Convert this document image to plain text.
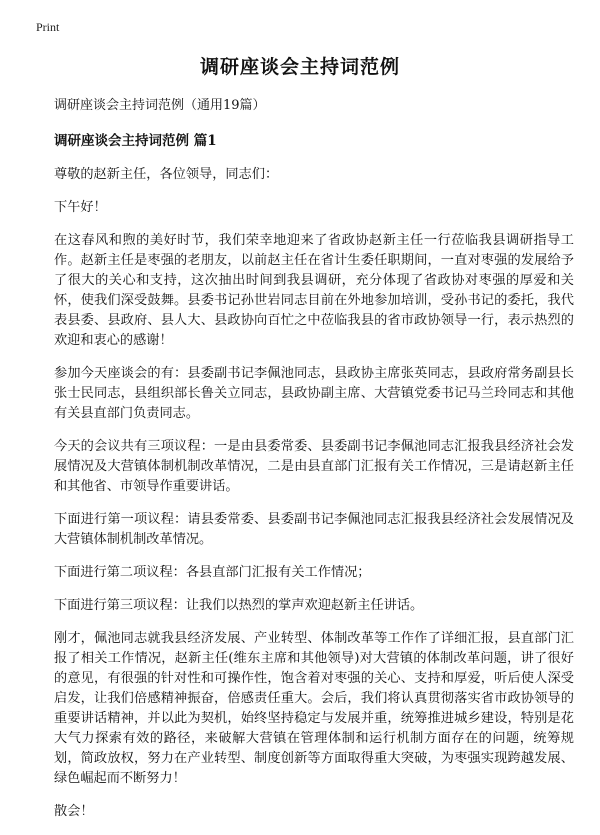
Print
调研座谈会主持词范例
调研座谈会主持词范例（通用19篇）
调研座谈会主持词范例 篇1

尊敬的赵新主任，各位领导，同志们：

下午好！

在这春风和煦的美好时节，我们荣幸地迎来了省政协赵新主任一行莅临我县调研指导工作。赵新主任是枣强的老朋友，以前赵主任在省计生委任职期间，一直对枣强的发展给予了很大的关心和支持，这次抽出时间到我县调研，充分体现了省政协对枣强的厚爱和关怀，使我们深受鼓舞。县委书记孙世岩同志目前在外地参加培训，受孙书记的委托，我代表县委、县政府、县人大、县政协向百忙之中莅临我县的省市政协领导一行，表示热烈的欢迎和衷心的感谢！

参加今天座谈会的有：县委副书记李佩池同志，县政协主席张英同志，县政府常务副县长张士民同志，县组织部长鲁关立同志，县政协副主席、大营镇党委书记马兰玲同志和其他有关县直部门负责同志。

今天的会议共有三项议程：一是由县委常委、县委副书记李佩池同志汇报我县经济社会发展情况及大营镇体制机制改革情况，二是由县直部门汇报有关工作情况，三是请赵新主任和其他省、市领导作重要讲话。

下面进行第一项议程：请县委常委、县委副书记李佩池同志汇报我县经济社会发展情况及大营镇体制机制改革情况。

下面进行第二项议程：各县直部门汇报有关工作情况；

下面进行第三项议程：让我们以热烈的掌声欢迎赵新主任讲话。

刚才，佩池同志就我县经济发展、产业转型、体制改革等工作作了详细汇报，县直部门汇报了相关工作情况，赵新主任(维东主席和其他领导)对大营镇的体制改革问题，讲了很好的意见，有很强的针对性和可操作性，饱含着对枣强的关心、支持和厚爱，听后使人深受启发，让我们倍感精神振奋，倍感责任重大。会后，我们将认真贯彻落实省市政协领导的重要讲话精神，并以此为契机，始终坚持稳定与发展并重，统筹推进城乡建设，特别是花大气力探索有效的路径，来破解大营镇在管理体制和运行机制方面存在的问题，统筹规划，简政放权，努力在产业转型、制度创新等方面取得重大突破，为枣强实现跨越发展、绿色崛起而不断努力！

散会！
